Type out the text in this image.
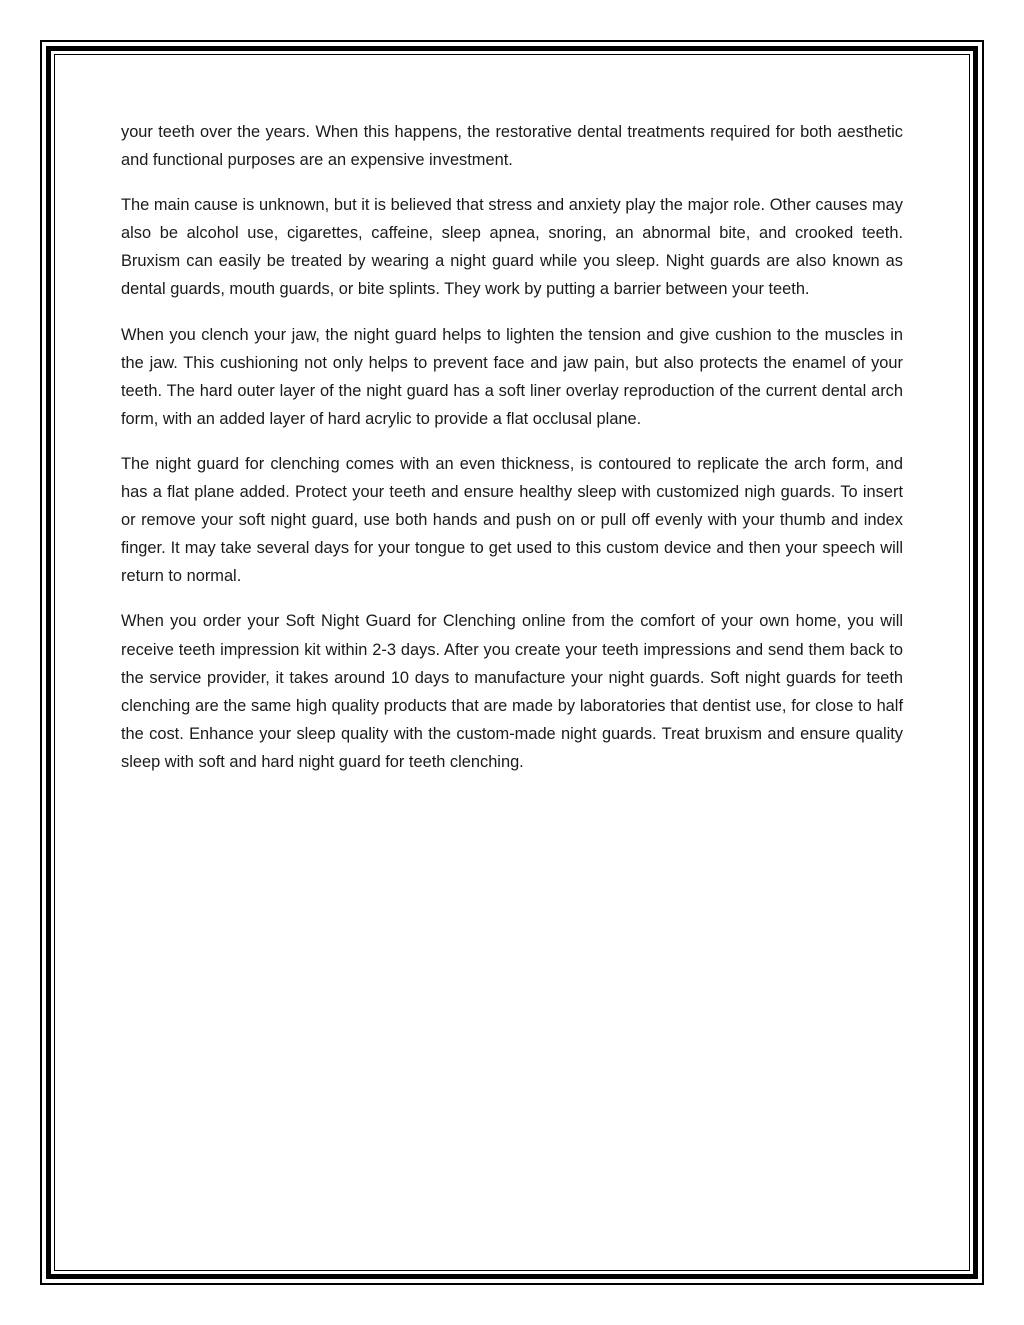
your teeth over the years. When this happens, the restorative dental treatments required for both aesthetic and functional purposes are an expensive investment.

The main cause is unknown, but it is believed that stress and anxiety play the major role. Other causes may also be alcohol use, cigarettes, caffeine, sleep apnea, snoring, an abnormal bite, and crooked teeth. Bruxism can easily be treated by wearing a night guard while you sleep. Night guards are also known as dental guards, mouth guards, or bite splints. They work by putting a barrier between your teeth.

When you clench your jaw, the night guard helps to lighten the tension and give cushion to the muscles in the jaw. This cushioning not only helps to prevent face and jaw pain, but also protects the enamel of your teeth. The hard outer layer of the night guard has a soft liner overlay reproduction of the current dental arch form, with an added layer of hard acrylic to provide a flat occlusal plane.

The night guard for clenching comes with an even thickness, is contoured to replicate the arch form, and has a flat plane added. Protect your teeth and ensure healthy sleep with customized nigh guards. To insert or remove your soft night guard, use both hands and push on or pull off evenly with your thumb and index finger. It may take several days for your tongue to get used to this custom device and then your speech will return to normal.

When you order your Soft Night Guard for Clenching online from the comfort of your own home, you will receive teeth impression kit within 2-3 days. After you create your teeth impressions and send them back to the service provider, it takes around 10 days to manufacture your night guards. Soft night guards for teeth clenching are the same high quality products that are made by laboratories that dentist use, for close to half the cost. Enhance your sleep quality with the custom-made night guards. Treat bruxism and ensure quality sleep with soft and hard night guard for teeth clenching.
